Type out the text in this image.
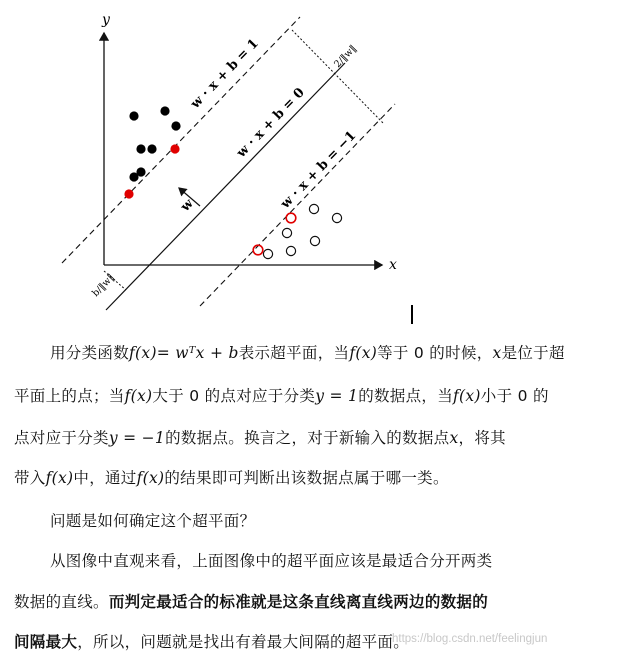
y
x
2/‖w‖
b/‖w‖
w · x + b = 1
w · x + b = 0
w · x + b = −1
w
用分类函数f(x)= wᵀx + b表示超平面，当f(x)等于 0 的时候，x是位于超
平面上的点；当f(x)大于 0 的点对应于分类y = 1的数据点，当f(x)小于 0 的
点对应于分类y = −1的数据点。换言之，对于新输入的数据点x，将其
带入f(x)中，通过f(x)的结果即可判断出该数据点属于哪一类。
问题是如何确定这个超平面？
从图像中直观来看，上面图像中的超平面应该是最适合分开两类
数据的直线。而判定最适合的标准就是这条直线离直线两边的数据的
间隔最大，所以，问题就是找出有着最大间隔的超平面。
https://blog.csdn.net/feelingjun
